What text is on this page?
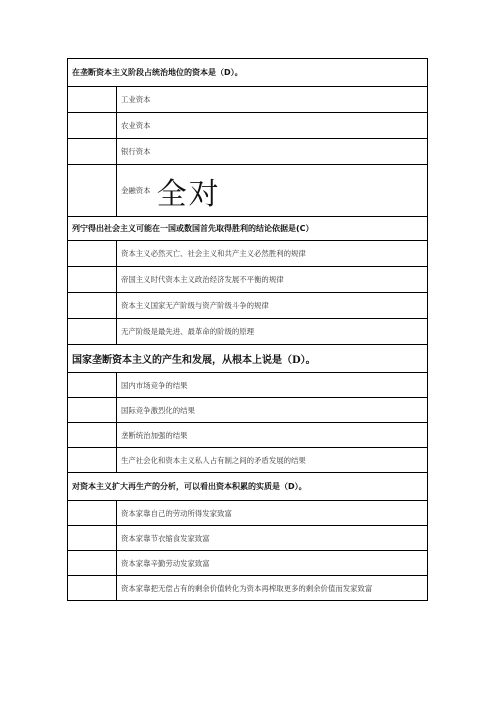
在垄断资本主义阶段占统治地位的资本是（D）。	
	工业资本
	农业资本
	银行资本
	金融资本 全对
列宁得出社会主义可能在一国或数国首先取得胜利的结论依据是(C）	
	资本主义必然灭亡、社会主义和共产主义必然胜利的规律
	帝国主义时代资本主义政治经济发展不平衡的规律
	资本主义国家无产阶级与资产阶级斗争的规律
	无产阶级是最先进、最革命的阶级的原理
国家垄断资本主义的产生和发展，从根本上说是（D）。	
	国内市场竞争的结果
	国际竞争激烈化的结果
	垄断统治加强的结果
	生产社会化和资本主义私人占有制之间的矛盾发展的结果
对资本主义扩大再生产的分析，可以看出资本积累的实质是（D）。	
	资本家靠自己的劳动所得发家致富
	资本家靠节衣缩食发家致富
	资本家靠辛勤劳动发家致富
	资本家靠把无偿占有的剩余价值转化为资本再榨取更多的剩余价值而发家致富
